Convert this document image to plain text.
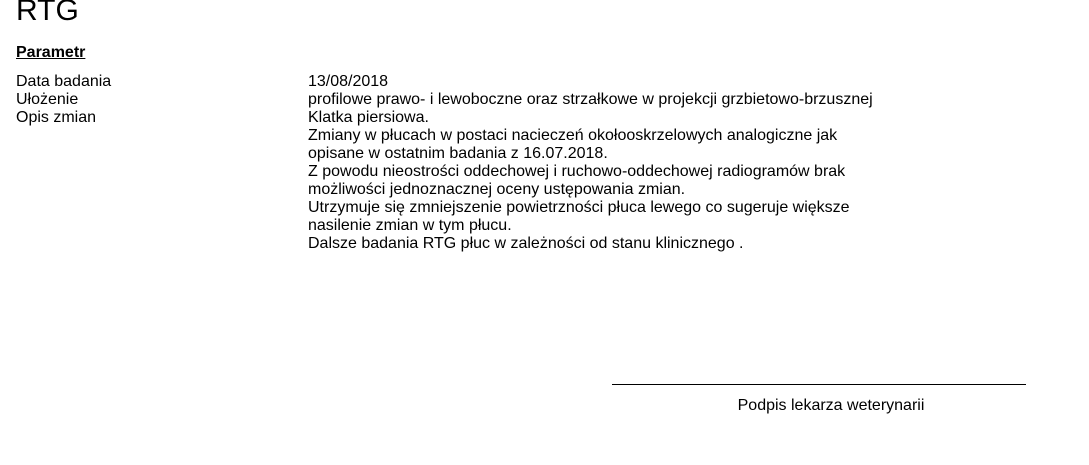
RTG
Parametr
Data badania	13/08/2018
Ułożenie	profilowe prawo- i lewoboczne oraz strzałkowe w projekcji grzbietowo-brzusznej
Opis zmian	Klatka piersiowa.
Zmiany w płucach w postaci nacieczeń okołooskrzelowych analogiczne jak
opisane w ostatnim badania z 16.07.2018.
Z powodu nieostrości oddechowej i ruchowo-oddechowej radiogramów brak
możliwości jednoznacznej oceny ustępowania zmian.
Utrzymuje się zmniejszenie powietrzności płuca lewego co sugeruje większe
nasilenie zmian w tym płucu.
Dalsze badania RTG płuc w zależności od stanu klinicznego .
Podpis lekarza weterynarii
